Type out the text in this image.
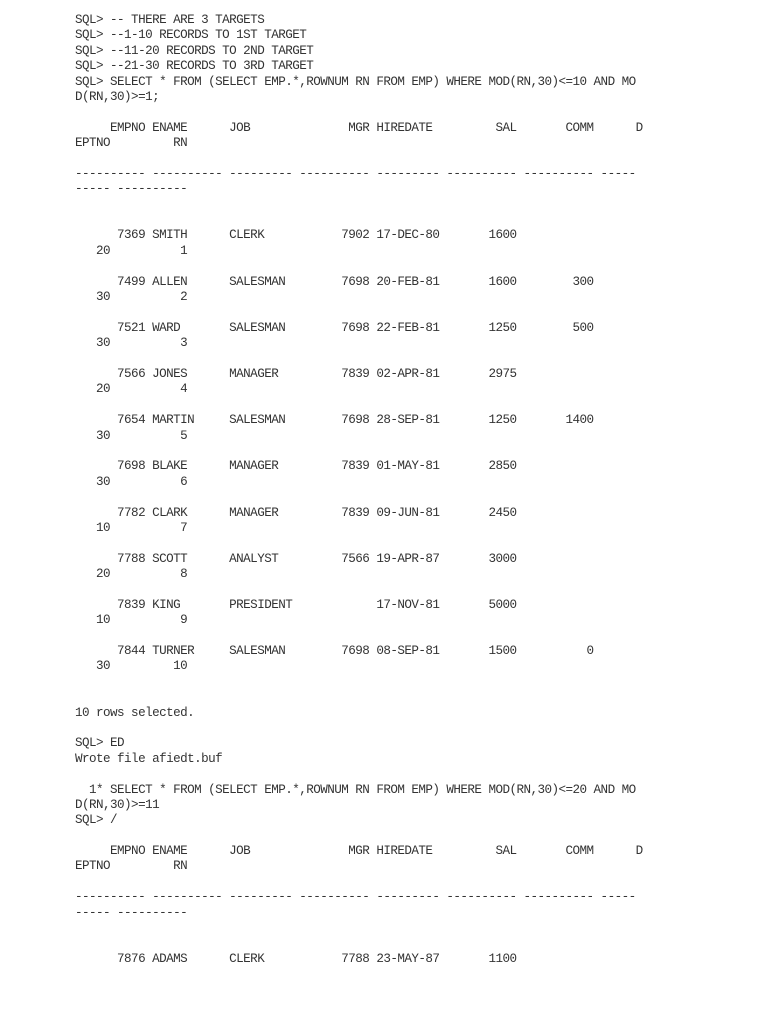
SQL> -- THERE ARE 3 TARGETS
SQL> --1-10 RECORDS TO 1ST TARGET
SQL> --11-20 RECORDS TO 2ND TARGET
SQL> --21-30 RECORDS TO 3RD TARGET
SQL> SELECT * FROM (SELECT EMP.*,ROWNUM RN FROM EMP) WHERE MOD(RN,30)<=10 AND MO
D(RN,30)>=1;
EMPNO ENAME      JOB              MGR HIREDATE         SAL       COMM      D
EPTNO         RN
---------- ---------- --------- ---------- --------- ---------- ---------- -----
----- ----------
7369 SMITH      CLERK           7902 17-DEC-80       1600
20          1
7499 ALLEN      SALESMAN        7698 20-FEB-81       1600        300
30          2
7521 WARD       SALESMAN        7698 22-FEB-81       1250        500
30          3
7566 JONES      MANAGER         7839 02-APR-81       2975
20          4
7654 MARTIN     SALESMAN        7698 28-SEP-81       1250       1400
30          5
7698 BLAKE      MANAGER         7839 01-MAY-81       2850
30          6
7782 CLARK      MANAGER         7839 09-JUN-81       2450
10          7
7788 SCOTT      ANALYST         7566 19-APR-87       3000
20          8
7839 KING       PRESIDENT            17-NOV-81       5000
10          9
7844 TURNER     SALESMAN        7698 08-SEP-81       1500          0
30         10
10 rows selected.
SQL> ED
Wrote file afiedt.buf
1* SELECT * FROM (SELECT EMP.*,ROWNUM RN FROM EMP) WHERE MOD(RN,30)<=20 AND MO
D(RN,30)>=11
SQL> /
EMPNO ENAME      JOB              MGR HIREDATE         SAL       COMM      D
EPTNO         RN
---------- ---------- --------- ---------- --------- ---------- ---------- -----
----- ----------
7876 ADAMS      CLERK           7788 23-MAY-87       1100
